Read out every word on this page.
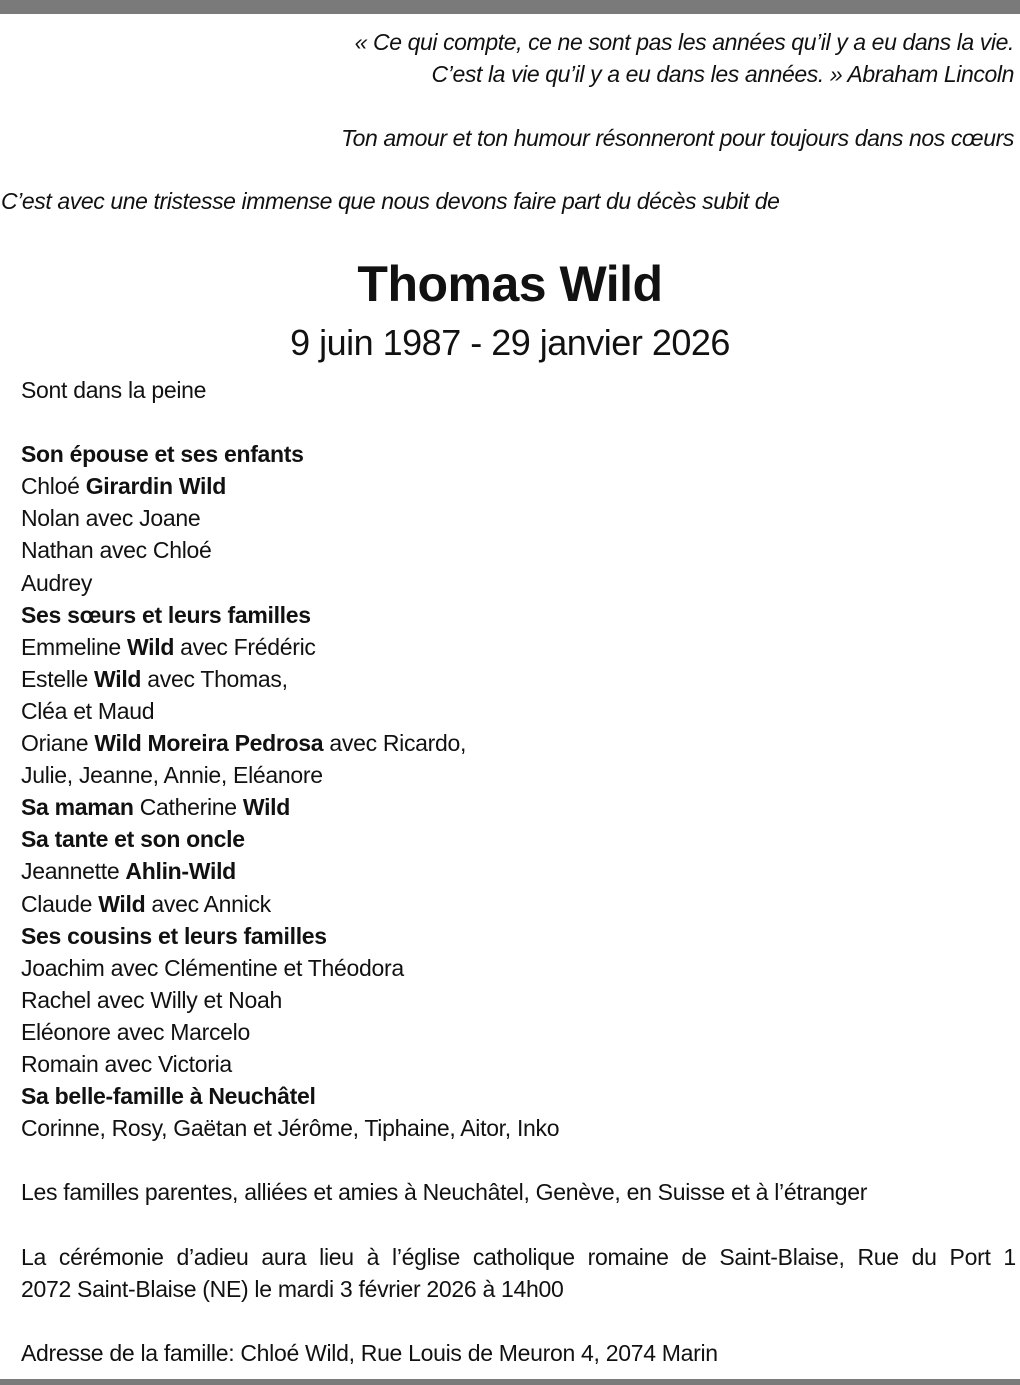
« Ce qui compte, ce ne sont pas les années qu’il y a eu dans la vie.
C’est la vie qu’il y a eu dans les années. » Abraham Lincoln
Ton amour et ton humour résonneront pour toujours dans nos cœurs
C’est avec une tristesse immense que nous devons faire part du décès subit de
Thomas Wild
9 juin 1987 - 29 janvier 2026
Sont dans la peine
Son épouse et ses enfants
Chloé Girardin Wild
Nolan avec Joane
Nathan avec Chloé
Audrey
Ses sœurs et leurs familles
Emmeline Wild avec Frédéric
Estelle Wild avec Thomas,
Cléa et Maud
Oriane Wild Moreira Pedrosa avec Ricardo,
Julie, Jeanne, Annie, Eléanore
Sa maman Catherine Wild
Sa tante et son oncle
Jeannette Ahlin-Wild
Claude Wild avec Annick
Ses cousins et leurs familles
Joachim avec Clémentine et Théodora
Rachel avec Willy et Noah
Eléonore avec Marcelo
Romain avec Victoria
Sa belle-famille à Neuchâtel
Corinne, Rosy, Gaëtan et Jérôme, Tiphaine, Aitor, Inko
Les familles parentes, alliées et amies à Neuchâtel, Genève, en Suisse et à l’étranger
La cérémonie d’adieu aura lieu à l’église catholique romaine de Saint-Blaise, Rue du Port 1
2072 Saint-Blaise (NE) le mardi 3 février 2026 à 14h00
Adresse de la famille: Chloé Wild, Rue Louis de Meuron 4, 2074 Marin
